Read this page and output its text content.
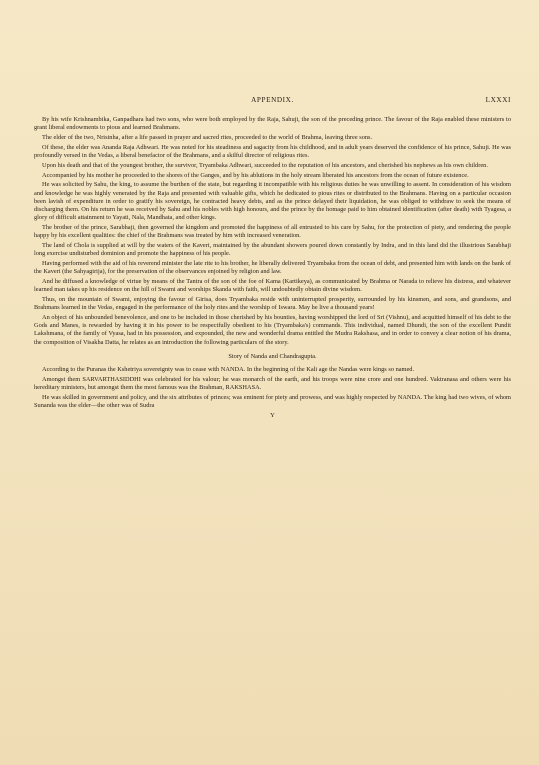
APPENDIX.	LXXXI

By his wife Krishnambika, Ganpadhara had two sons, who were both employed by the Raja, Sahuji, the son of the preceding prince. The favour of the Raja enabled these ministers to grant liberal endowments to pious and learned Brahmans.

The elder of the two, Nrisinha, after a life passed in prayer and sacred rites, proceeded to the world of Brahma, leaving three sons.

Of these, the elder was Ananda Raja Adhwari. He was noted for his steadiness and sagacity from his childhood, and in adult years deserved the confidence of his prince, Sahuji. He was profoundly versed in the Vedas, a liberal benefactor of the Brahmans, and a skilful director of religious rites.

Upon his death and that of the youngest brother, the survivor, Tryambaka Adhwari, succeeded to the reputation of his ancestors, and cherished his nephews as his own children.

Accompanied by his mother he proceeded to the shores of the Ganges, and by his ablutions in the holy stream liberated his ancestors from the ocean of future existence.

He was solicited by Sahu, the king, to assume the burthen of the state, but regarding it incompatible with his religious duties he was unwilling to assent. In consideration of his wisdom and knowledge he was highly venerated by the Raja and presented with valuable gifts, which he dedicated to pious rites or distributed to the Brahmans. Having on a particular occasion been lavish of expenditure in order to gratify his sovereign, he contracted heavy debts, and as the prince delayed their liquidation, he was obliged to withdraw to seek the means of discharging them. On his return he was received by Sahu and his nobles with high honours, and the prince by the homage paid to him obtained identification (after death) with Tyagesa, a glory of difficult attainment to Yayati, Nala, Mandhata, and other kings.

The brother of the prince, Sarabhaji, then governed the kingdom and promoted the happiness of all entrusted to his care by Sahu, for the protection of piety, and rendering the people happy by his excellent qualities: the chief of the Brahmans was treated by him with increased veneration.

The land of Chola is supplied at will by the waters of the Kaveri, maintained by the abundant showers poured down constantly by Indra, and in this land did the illustrious Sarabhaji long exercise undisturbed dominion and promote the happiness of his people.

Having performed with the aid of his reverend minister the late rite to his brother, he liberally delivered Tryambaka from the ocean of debt, and presented him with lands on the bank of the Kaveri (the Sahyagirija), for the preservation of the observances enjoined by religion and law.

And he diffused a knowledge of virtue by means of the Tantra of the son of the foe of Kama (Kartikeya), as communicated by Brahma or Narada to relieve his distress, and whatever learned man takes up his residence on the hill of Swami and worships Skanda with faith, will undoubtedly obtain divine wisdom.

Thus, on the mountain of Swami, enjoying the favour of Girisa, does Tryambaka reside with uninterrupted prosperity, surrounded by his kinsmen, and sons, and grandsons, and Brahmans learned in the Vedas, engaged in the performance of the holy rites and the worship of Iswara. May he live a thousand years!

An object of his unbounded benevolence, and one to be included in those cherished by his bounties, having worshipped the lord of Sri (Vishnu), and acquitted himself of his debt to the Gods and Manes, is rewarded by having it in his power to be respectfully obedient to his (Tryambaka's) commands. This individual, named Dhundi, the son of the excellent Pundit Lakshmana, of the family of Vyasa, had in his possession, and expounded, the new and wonderful drama entitled the Mudra Rakshasa, and in order to convey a clear notion of his drama, the composition of Visakha Datta, he relates as an introduction the following particulars of the story.

Story of Nanda and Chandragupta.

According to the Puranas the Kshetriya sovereignty was to cease with NANDA. In the beginning of the Kali age the Nandas were kings so named.

Amongst them SARVARTHASIDDHI was celebrated for his valour; he was monarch of the earth, and his troops were nine crore and one hundred. Vaktranasa and others were his hereditary ministers, but amongst them the most famous was the Brahman, RAKSHASA.

He was skilled in government and policy, and the six attributes of princes; was eminent for piety and prowess, and was highly respected by NANDA. The king had two wives, of whom Sunanda was the elder—the other was of Sudra

Y
